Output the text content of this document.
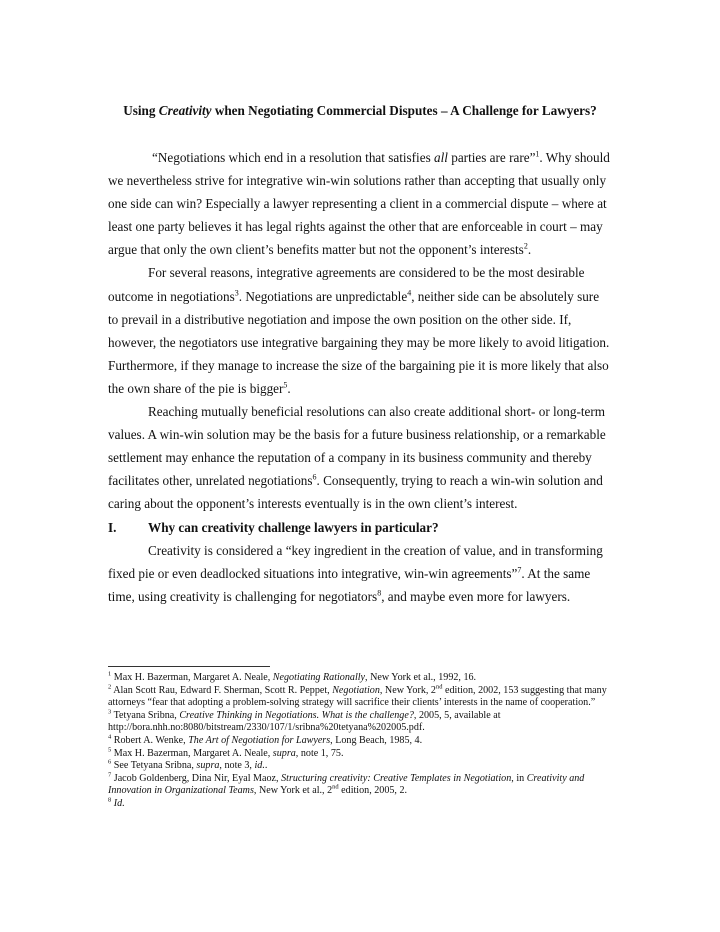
Using Creativity when Negotiating Commercial Disputes – A Challenge for Lawyers?

“Negotiations which end in a resolution that satisfies all parties are rare”$^1$. Why should we nevertheless strive for integrative win-win solutions rather than accepting that usually only one side can win? Especially a lawyer representing a client in a commercial dispute – where at least one party believes it has legal rights against the other that are enforceable in court – may argue that only the own client’s benefits matter but not the opponent’s interests$^2$.

For several reasons, integrative agreements are considered to be the most desirable outcome in negotiations$^3$. Negotiations are unpredictable$^4$, neither side can be absolutely sure to prevail in a distributive negotiation and impose the own position on the other side. If, however, the negotiators use integrative bargaining they may be more likely to avoid litigation. Furthermore, if they manage to increase the size of the bargaining pie it is more likely that also the own share of the pie is bigger$^5$.

Reaching mutually beneficial resolutions can also create additional short- or long-term values. A win-win solution may be the basis for a future business relationship, or a remarkable settlement may enhance the reputation of a company in its business community and thereby facilitates other, unrelated negotiations$^6$. Consequently, trying to reach a win-win solution and caring about the opponent’s interests eventually is in the own client’s interest.

I.	Why can creativity challenge lawyers in particular?

Creativity is considered a “key ingredient in the creation of value, and in transforming fixed pie or even deadlocked situations into integrative, win-win agreements”$^7$. At the same time, using creativity is challenging for negotiators$^8$, and maybe even more for lawyers.

$^1$ Max H. Bazerman, Margaret A. Neale, Negotiating Rationally, New York et al., 1992, 16.

$^2$ Alan Scott Rau, Edward F. Sherman, Scott R. Peppet, Negotiation, New York, 2nd edition, 2002, 153 suggesting that many attorneys “fear that adopting a problem-solving strategy will sacrifice their clients’ interests in the name of cooperation.”

$^3$ Tetyana Sribna, Creative Thinking in Negotiations. What is the challenge?, 2005, 5, available at http://bora.nhh.no:8080/bitstream/2330/107/1/sribna%20tetyana%202005.pdf.

$^4$ Robert A. Wenke, The Art of Negotiation for Lawyers, Long Beach, 1985, 4.

$^5$ Max H. Bazerman, Margaret A. Neale, supra, note 1, 75.

$^6$ See Tetyana Sribna, supra, note 3, id..

$^7$ Jacob Goldenberg, Dina Nir, Eyal Maoz, Structuring creativity: Creative Templates in Negotiation, in Creativity and Innovation in Organizational Teams, New York et al., 2nd edition, 2005, 2.

$^8$ Id.
